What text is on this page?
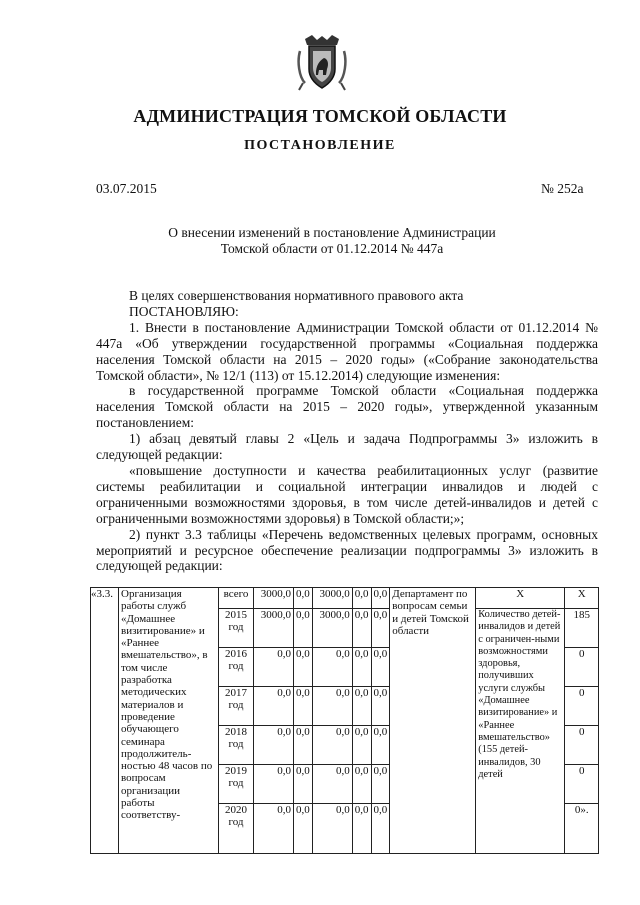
АДМИНИСТРАЦИЯ ТОМСКОЙ ОБЛАСТИ
ПОСТАНОВЛЕНИЕ
03.07.2015	№ 252а
О внесении изменений в постановление Администрации
Томской области от 01.12.2014 № 447а

В целях совершенствования нормативного правового акта

ПОСТАНОВЛЯЮ:

1. Внести в постановление Администрации Томской области от 01.12.2014 № 447а «Об утверждении государственной программы «Социальная поддержка населения Томской области на 2015 – 2020 годы» («Собрание законодательства Томской области», № 12/1 (113) от 15.12.2014) следующие изменения:

в государственной программе Томской области «Социальная поддержка населения Томской области на 2015 – 2020 годы», утвержденной указанным постановлением:

1) абзац девятый главы 2 «Цель и задача Подпрограммы 3» изложить в следующей редакции:

«повышение доступности и качества реабилитационных услуг (развитие системы реабилитации и социальной интеграции инвалидов и людей с ограниченными возможностями здоровья, в том числе детей-инвалидов и детей с ограниченными возможностями здоровья) в Томской области;»;

2) пункт 3.3 таблицы «Перечень ведомственных целевых программ, основных мероприятий и ресурсное обеспечение реализации подпрограммы 3» изложить в следующей редакции:

«3.3.	Организация работы служб «Домашнее визитирование» и «Раннее вмешательство», в том числе разработка методических материалов и проведение обучающего семинара продолжитель-ностью 48 часов по вопросам организации работы соответству-	всего	3000,0	0,0	3000,0	0,0	0,0	Департамент по вопросам семьи и детей Томской области	Х	Х
		2015 год	3000,0	0,0	3000,0	0,0	0,0		Количество детей-инвалидов и детей с ограничен-ными возможностями здоровья, получивших услуги службы «Домашнее визитирование» и «Раннее вмешательство» (155 детей-инвалидов, 30 детей	185
		2016 год	0,0	0,0	0,0	0,0	0,0			0
		2017 год	0,0	0,0	0,0	0,0	0,0			0
		2018 год	0,0	0,0	0,0	0,0	0,0			0
		2019 год	0,0	0,0	0,0	0,0	0,0			0
		2020 год	0,0	0,0	0,0	0,0	0,0			0».
